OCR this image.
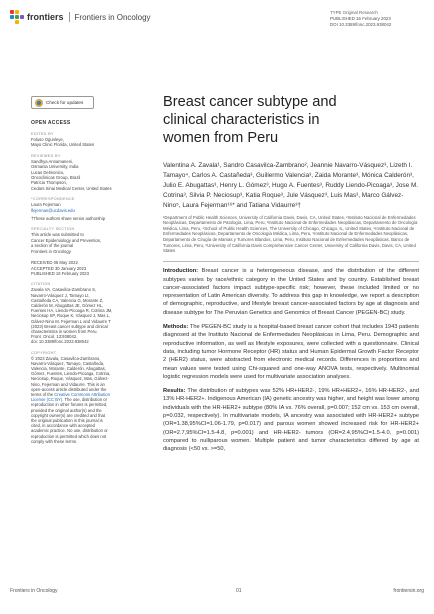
frontiers Frontiers in Oncology	TYPE Original Research
PUBLISHED 16 February 2023
DOI 10.3389/fonc.2023.938042
Check for updates
OPEN ACCESS
EDITED BY
Foluso Ogunleye,
Mayo Clinic Florida, United States
REVIEWED BY
Sandhya Annamaneni,
Osmania University, India
Lucas Delmonico,
Oncoclinicas Group, Brazil
Patricia Thompson,
Cedars Sinai Medical Center, United States
*CORRESPONDENCE
Laura Fejerman
lfejerman@ucdavis.edu
†These authors share senior authorship
SPECIALTY SECTION
This article was submitted to
Cancer Epidemiology and Prevention,
a section of the journal
Frontiers in Oncology
RECEIVED 05 May 2022
ACCEPTED 30 January 2023
PUBLISHED 16 February 2023
CITATION
Zavala VA, Casavilca-Zambrano S,
Navarro-Vásquez J, Tamayo LI,
Castañeda CA, Valencia G, Morante Z,
Calderón M, Abugattas JE, Gómez HL,
Fuentes HA, Liendo-Picoaga R, Cotrina JM,
Neciosup SP, Roque K, Vásquez J, Mas L,
Gálvez-Nino M, Fejerman L and Vidaurre T
(2023) Breast cancer subtype and clinical
characteristics in women from Peru.
Front. Oncol. 13:938042.
doi: 10.3389/fonc.2023.938042
COPYRIGHT
© 2023 Zavala, Casavilca-Zambrano,
Navarro-Vásquez, Tamayo, Castañeda,
Valencia, Morante, Calderón, Abugattas,
Gómez, Fuentes, Liendo-Picoaga, Cotrina,
Neciosup, Roque, Vásquez, Mas, Gálvez-
Nino, Fejerman and Vidaurre. This is an
open-access article distributed under the
terms of the Creative Commons Attribution
License (CC BY). The use, distribution or
reproduction in other forums is permitted,
provided the original author(s) and the
copyright owner(s) are credited and that
the original publication in this journal is
cited, in accordance with accepted
academic practice. No use, distribution or
reproduction is permitted which does not
comply with these terms.
Breast cancer subtype and
clinical characteristics in
women from Peru
Valentina A. Zavala¹, Sandro Casavilca-Zambrano², Jeannie Navarro-Vásquez³, Lizeth I. Tamayo⁴, Carlos A. Castañeda³, Guillermo Valencia³, Zaida Morante³, Mónica Calderón³, Julio E. Abugattas³, Henry L. Gómez³, Hugo A. Fuentes³, Ruddy Liendo-Picoaga³, Jose M. Cotrina³, Silvia P. Neciosup³, Katia Roque³, Jule Vásquez³, Luis Mas³, Marco Gálvez-Nino⁵, Laura Fejerman¹⁶* and Tatiana Vidaurre³†
¹Department of Public Health Sciences, University of California Davis, Davis, CA, United States, ²Instituto Nacional de Enfermedades Neoplásicas, Departamento de Patología, Lima, Peru, ³Instituto Nacional de Enfermedades Neoplásicas, Departamento de Oncología Médica, Lima, Peru, ⁴School of Public Health Sciences, The University of Chicago, Chicago, IL, United States, ⁵Instituto Nacional de Enfermedades Neoplásicas, Departamento de Oncología Médica, Lima, Peru, ⁶Instituto Nacional de Enfermedades Neoplásicas, Departamento de Cirugía de Mamas y Tumores Blandos, Lima, Peru, Instituto Nacional de Enfermedades Neoplásicas, Banco de Tumores, Lima, Peru, ⁶University of California Davis Comprehensive Cancer Center, University of California Davis, Davis, CA, United States

Introduction: Breast cancer is a heterogeneous disease, and the distribution of the different subtypes varies by race/ethnic category in the United States and by country. Established breast cancer-associated factors impact subtype-specific risk; however, these included limited or no representation of Latin American diversity. To address this gap in knowledge, we report a description of demographic, reproductive, and lifestyle breast cancer-associated factors by age at diagnosis and disease subtype for The Peruvian Genetics and Genomics of Breast Cancer (PEGEN-BC) study.

Methods: The PEGEN-BC study is a hospital-based breast cancer cohort that includes 1943 patients diagnosed at the Instituto Nacional de Enfermedades Neoplásicas in Lima, Peru. Demographic and reproductive information, as well as lifestyle exposures, were collected with a questionnaire. Clinical data, including tumor Hormone Receptor (HR) status and Human Epidermal Growth Factor Receptor 2 (HER2) status, were abstracted from electronic medical records. Differences in proportions and mean values were tested using Chi-squared and one-way ANOVA tests, respectively. Multinomial logistic regression models were used for multivariate association analyses.

Results: The distribution of subtypes was 52% HR+HER2-, 19% HR+HER2+, 16% HR-HER2-, and 13% HR-HER2+. Indigenous American (IA) genetic ancestry was higher, and height was lower among individuals with the HR-HER2+ subtype (80% IA vs. 76% overall, p=0.007; 152 cm vs. 153 cm overall, p=0.032, respectively). In multivariate models, IA ancestry was associated with HR-HER2+ subtype (OR=1.38,95%CI=1.06-1.79, p=0.017) and parous women showed increased risk for HR-HER2+ (OR=2.7,95%CI=1.5-4.8, p=0.001) and HR-HER2- tumors (OR=2.4,95%CI=1.5-4.0, p=0.001) compared to nulliparous women. Multiple patient and tumor characteristics differed by age at diagnosis (<50 vs. >=50,

Frontiers in Oncology	01	frontiersin.org
